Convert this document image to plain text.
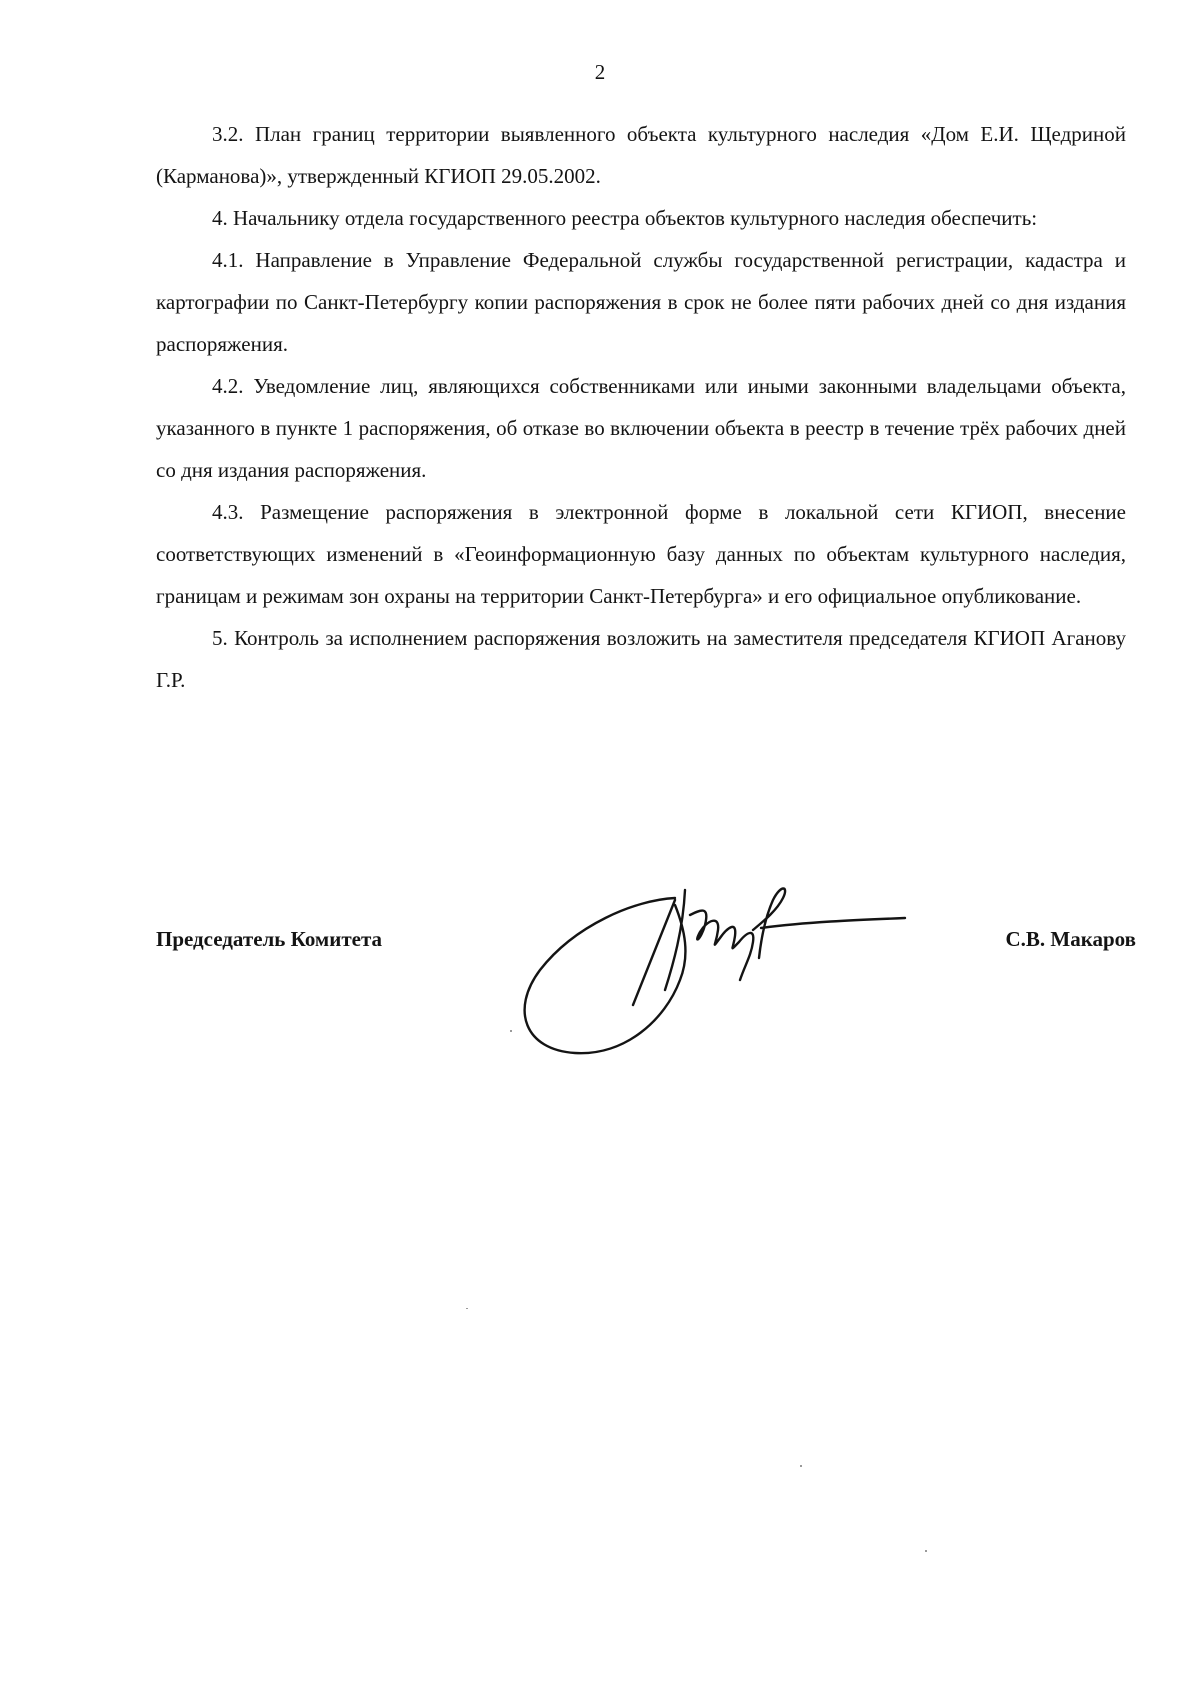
2

3.2. План границ территории выявленного объекта культурного наследия «Дом Е.И. Щедриной (Карманова)», утвержденный КГИОП 29.05.2002.

4. Начальнику отдела государственного реестра объектов культурного наследия обеспечить:

4.1. Направление в Управление Федеральной службы государственной регистрации, кадастра и картографии по Санкт-Петербургу копии распоряжения в срок не более пяти рабочих дней со дня издания распоряжения.

4.2. Уведомление лиц, являющихся собственниками или иными законными владельцами объекта, указанного в пункте 1 распоряжения, об отказе во включении объекта в реестр в течение трёх рабочих дней со дня издания распоряжения.

4.3. Размещение распоряжения в электронной форме в локальной сети КГИОП, внесение соответствующих изменений в «Геоинформационную базу данных по объектам культурного наследия, границам и режимам зон охраны на территории Санкт-Петербурга» и его официальное опубликование.

5. Контроль за исполнением распоряжения возложить на заместителя председателя КГИОП Аганову Г.Р.

Председатель Комитета	С.В. Макаров
